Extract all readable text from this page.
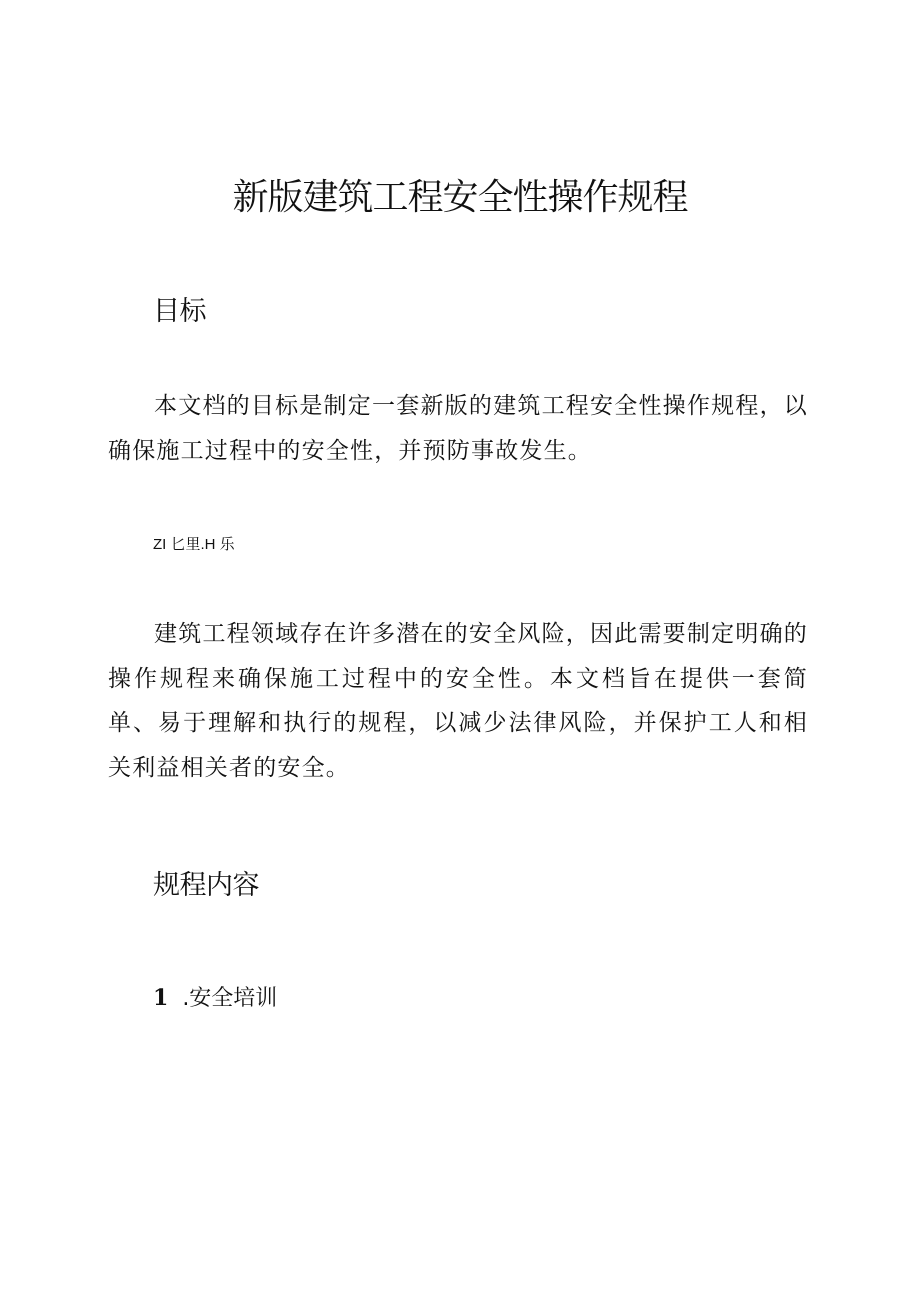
新版建筑工程安全性操作规程
目标

本文档的目标是制定一套新版的建筑工程安全性操作规程，以确保施工过程中的安全性，并预防事故发生。

ZI 匕里.H 乐

建筑工程领域存在许多潜在的安全风险，因此需要制定明确的操作规程来确保施工过程中的安全性。本文档旨在提供一套简单、易于理解和执行的规程，以减少法律风险，并保护工人和相关利益相关者的安全。

规程内容

1 .安全培训
